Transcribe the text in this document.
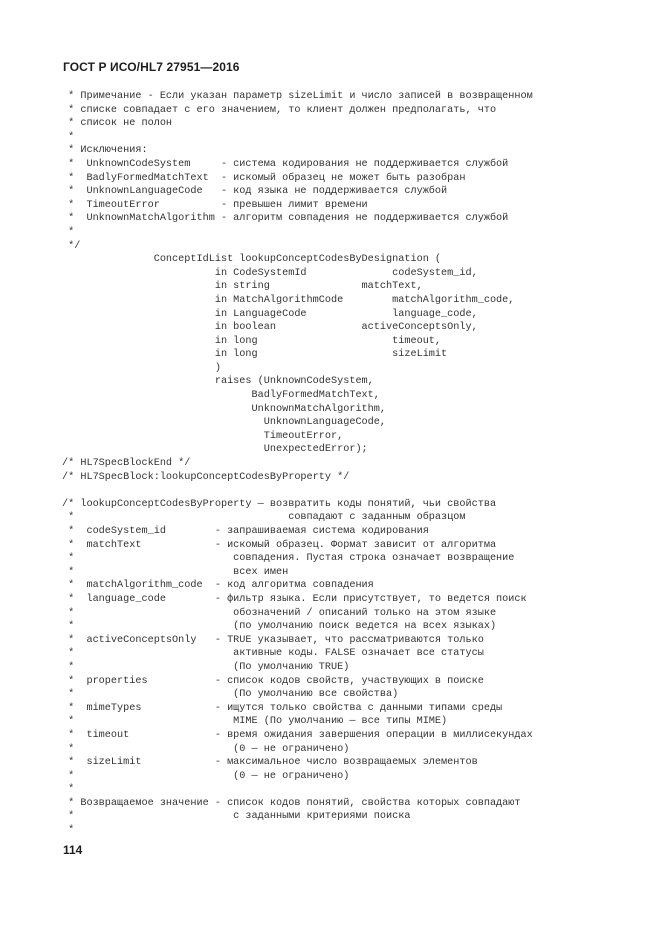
ГОСТ Р ИСО/HL7 27951—2016
* Примечание - Если указан параметр sizeLimit и число записей в возвращенном
* списке совпадает с его значением, то клиент должен предполагать, что
* список не полон
*
* Исключения:
*  UnknownCodeSystem     - система кодирования не поддерживается службой
*  BadlyFormedMatchText  - искомый образец не может быть разобран
*  UnknownLanguageCode   - код языка не поддерживается службой
*  TimeoutError          - превышен лимит времени
*  UnknownMatchAlgorithm - алгоритм совпадения не поддерживается службой
*
*/
ConceptIdList lookupConceptCodesByDesignation (
in CodeSystemId              codeSystem_id,
in string               matchText,
in MatchAlgorithmCode        matchAlgorithm_code,
in LanguageCode              language_code,
in boolean              activeConceptsOnly,
in long                      timeout,
in long                      sizeLimit
)
raises (UnknownCodeSystem,
BadlyFormedMatchText,
UnknownMatchAlgorithm,
UnknownLanguageCode,
TimeoutError,
UnexpectedError);
/* HL7SpecBlockEnd */
/* HL7SpecBlock:lookupConceptCodesByProperty */
/* lookupConceptCodesByProperty — возвратить коды понятий, чьи свойства
*                                   совпадают с заданным образцом
*  codeSystem_id        - запрашиваемая система кодирования
*  matchText            - искомый образец. Формат зависит от алгоритма
*                          совпадения. Пустая строка означает возвращение
*                          всех имен
*  matchAlgorithm_code  - код алгоритма совпадения
*  language_code        - фильтр языка. Если присутствует, то ведется поиск
*                          обозначений / описаний только на этом языке
*                          (по умолчанию поиск ведется на всех языках)
*  activeConceptsOnly   - TRUE указывает, что рассматриваются только
*                          активные коды. FALSE означает все статусы
*                          (По умолчанию TRUE)
*  properties           - список кодов свойств, участвующих в поиске
*                          (По умолчанию все свойства)
*  mimeTypes            - ищутся только свойства с данными типами среды
*                          MIME (По умолчанию — все типы MIME)
*  timeout              - время ожидания завершения операции в миллисекундах
*                          (0 — не ограничено)
*  sizeLimit            - максимальное число возвращаемых элементов
*                          (0 — не ограничено)
*
* Возвращаемое значение - список кодов понятий, свойства которых совпадают
*                          с заданными критериями поиска
*
114
